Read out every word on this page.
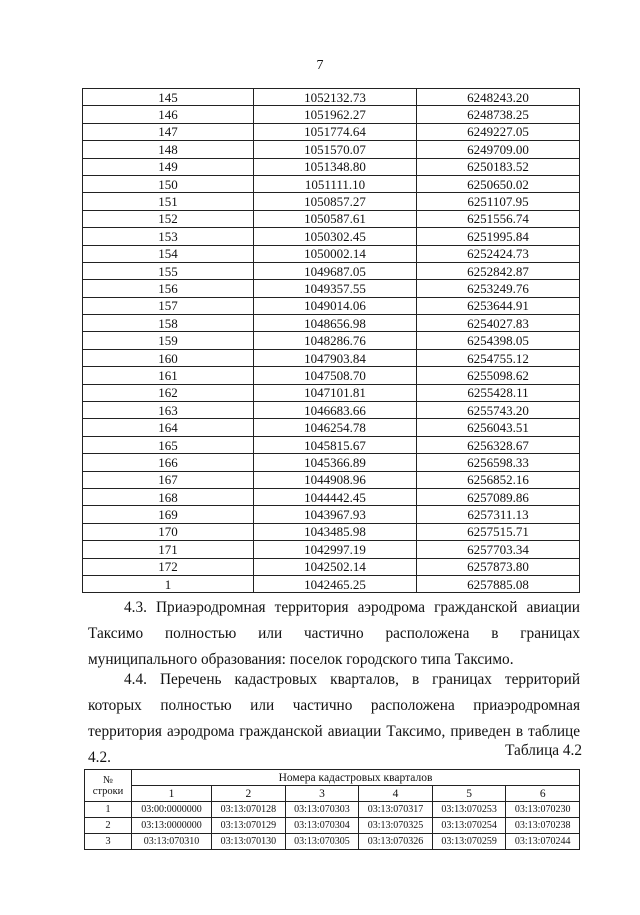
7
145	1052132.73	6248243.20
146	1051962.27	6248738.25
147	1051774.64	6249227.05
148	1051570.07	6249709.00
149	1051348.80	6250183.52
150	1051111.10	6250650.02
151	1050857.27	6251107.95
152	1050587.61	6251556.74
153	1050302.45	6251995.84
154	1050002.14	6252424.73
155	1049687.05	6252842.87
156	1049357.55	6253249.76
157	1049014.06	6253644.91
158	1048656.98	6254027.83
159	1048286.76	6254398.05
160	1047903.84	6254755.12
161	1047508.70	6255098.62
162	1047101.81	6255428.11
163	1046683.66	6255743.20
164	1046254.78	6256043.51
165	1045815.67	6256328.67
166	1045366.89	6256598.33
167	1044908.96	6256852.16
168	1044442.45	6257089.86
169	1043967.93	6257311.13
170	1043485.98	6257515.71
171	1042997.19	6257703.34
172	1042502.14	6257873.80
1	1042465.25	6257885.08

4.3. Приаэродромная территория аэродрома гражданской авиации Таксимо полностью или частично расположена в границах муниципального образования: поселок городского типа Таксимо.

4.4. Перечень кадастровых кварталов, в границах территорий которых полностью или частично расположена приаэродромная территория аэродрома гражданской авиации Таксимо, приведен в таблице 4.2.	Таблица 4.2
№
строки	Номера кадастровых кварталов					
	1	2	3	4	5	6
1	03:00:0000000	03:13:070128	03:13:070303	03:13:070317	03:13:070253	03:13:070230
2	03:13:0000000	03:13:070129	03:13:070304	03:13:070325	03:13:070254	03:13:070238
3	03:13:070310	03:13:070130	03:13:070305	03:13:070326	03:13:070259	03:13:070244
